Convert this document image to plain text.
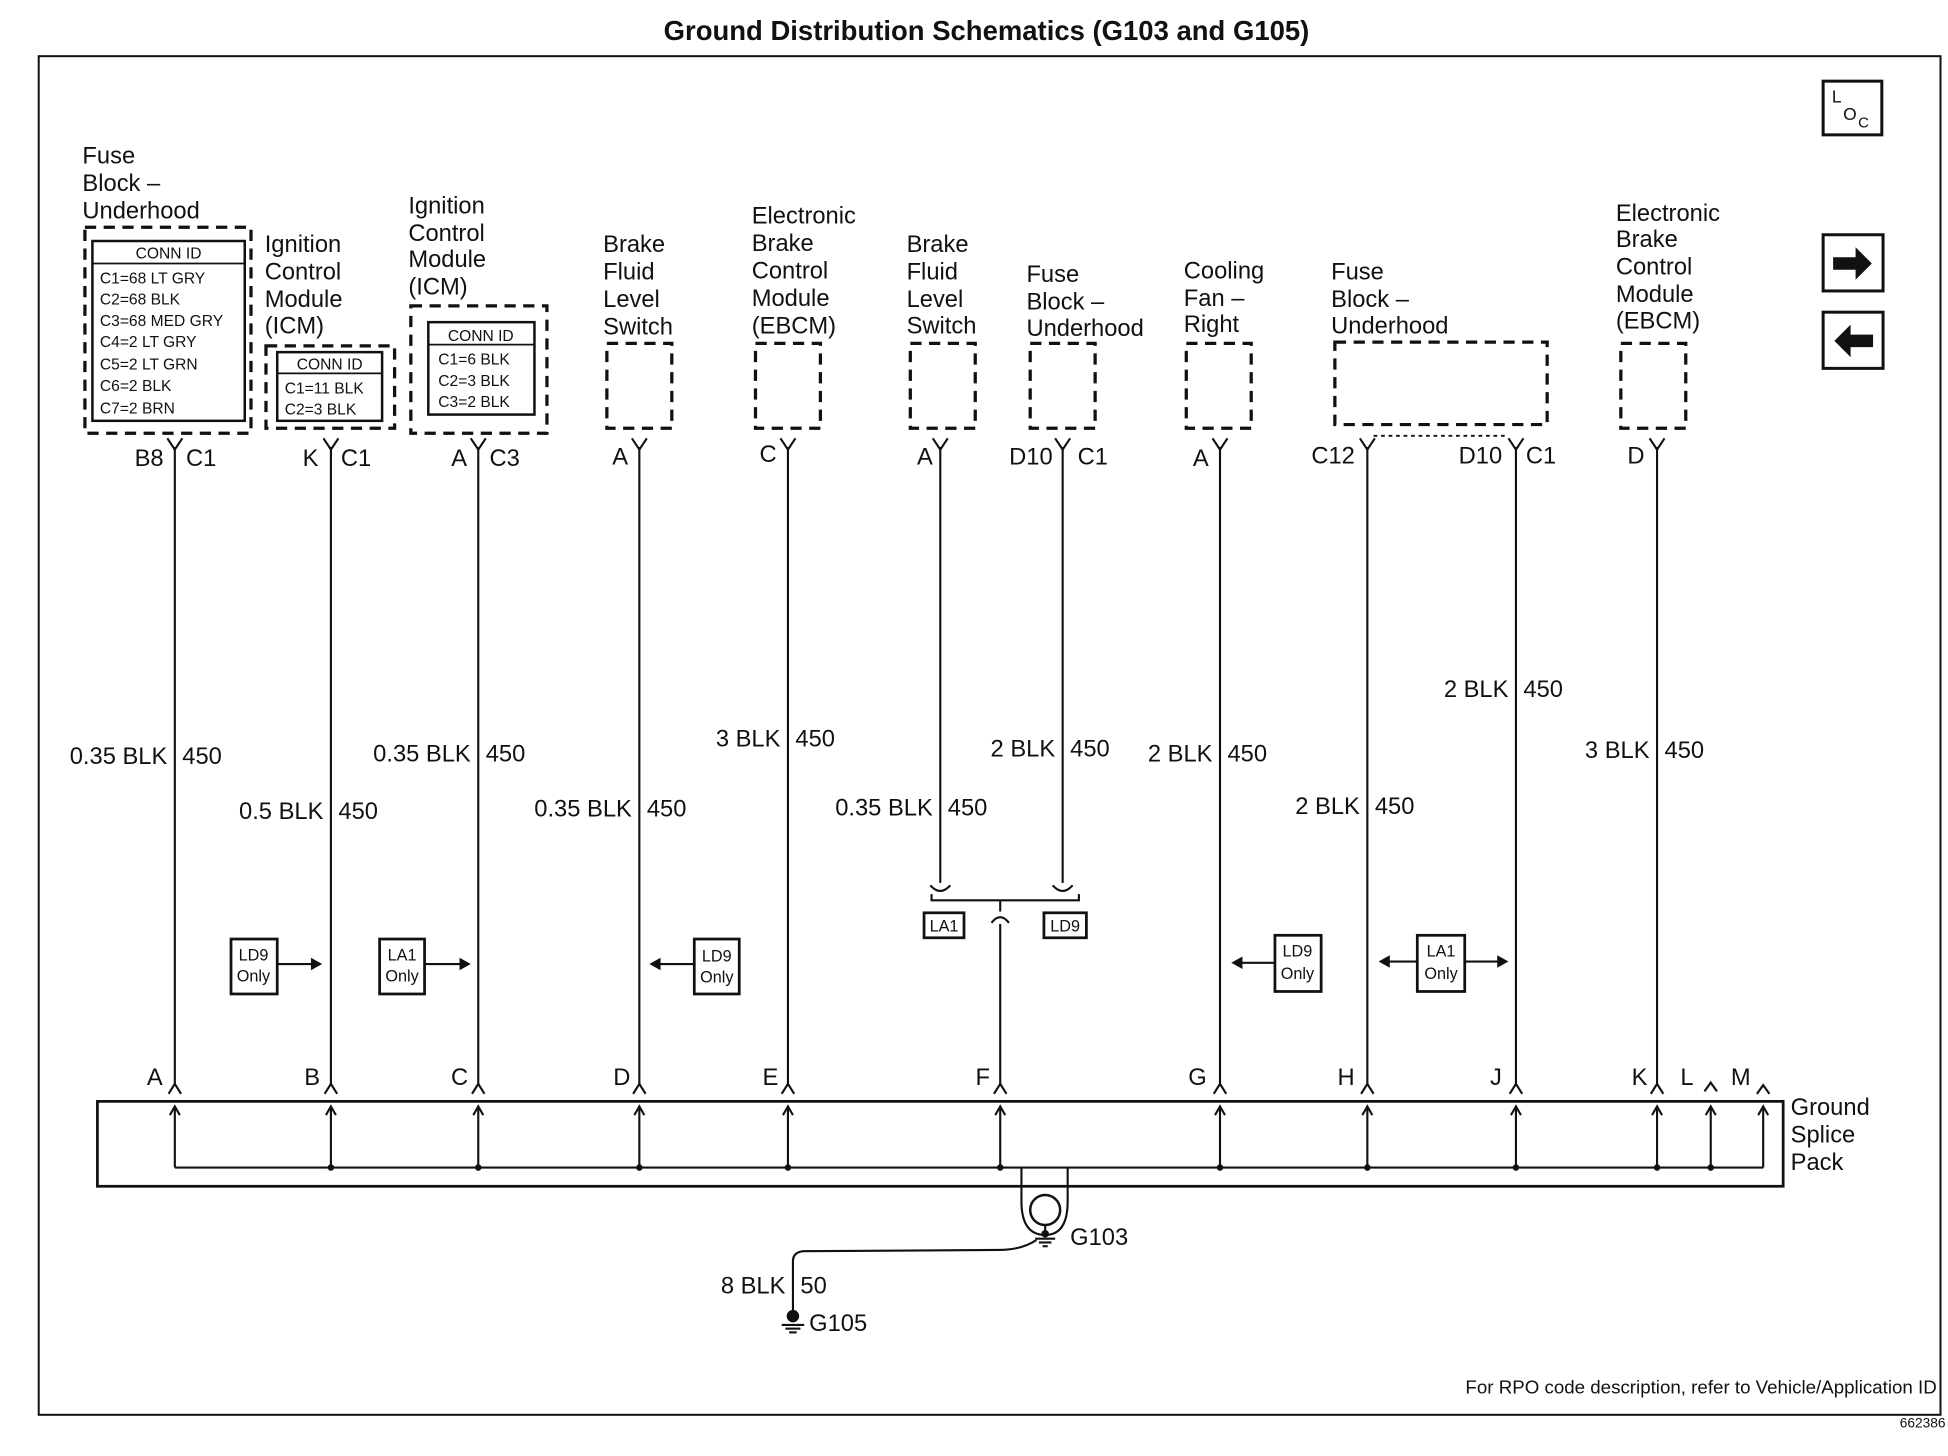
Ground Distribution Schematics (G103 and G105)
L
O C
Fuse
Block –
Underhood
CONN ID
C1=68 LT GRY
C2=68 BLK
C3=68 MED GRY
C4=2 LT GRY
C5=2 LT GRN
C6=2 BLK
C7=2 BRN
B8 C1
Ignition
Control
Module
(ICM)
CONN ID
C1=11 BLK
C2=3 BLK
K C1
Ignition
Control
Module
(ICM)
CONN ID
C1=6 BLK
C2=3 BLK
C3=2 BLK
A C3
Brake
Fluid
Level
Switch
A
Electronic
Brake
Control
Module
(EBCM)
C
Brake
Fluid
Level
Switch
A
Fuse
Block –
Underhood
D10 C1
Cooling
Fan –
Right
A
Fuse
Block –
Underhood
C12	D10 C1
Electronic
Brake
Control
Module
(EBCM)
D
0.35 BLK 450
0.5 BLK 450
0.35 BLK 450
0.35 BLK 450
3 BLK 450
0.35 BLK 450
2 BLK 450 2 BLK 450
2 BLK 450
2 BLK 450
3 BLK 450
LA1	LD9
LD9
Only
LA1
Only
LD9
Only
LD9
Only
LA1
Only
A	B	C	D	E	F	G	H	J	K L M
Ground
Splice
Pack
G103
8 BLK 50
G105
For RPO code description, refer to Vehicle/Application ID
662386
